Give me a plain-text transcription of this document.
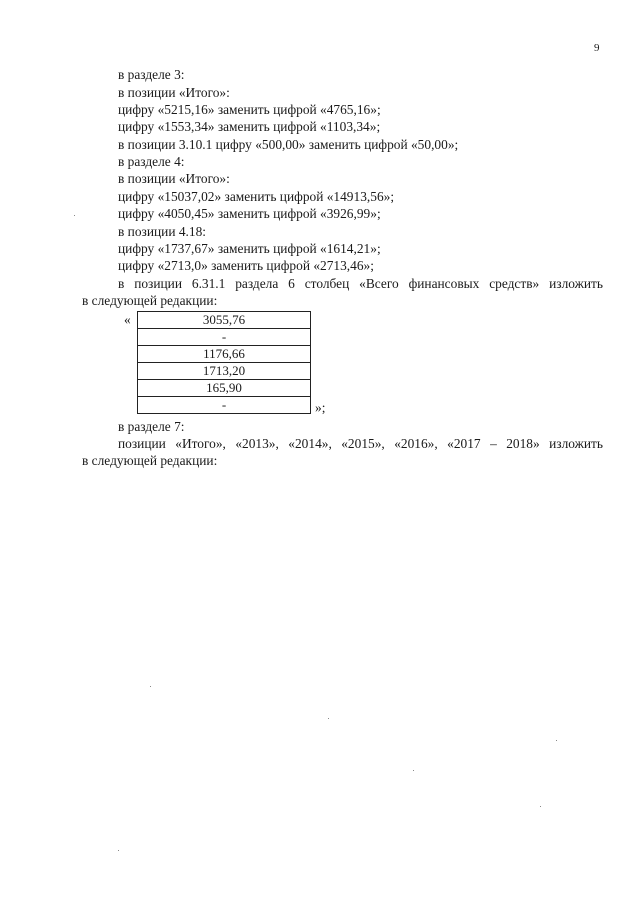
9
в разделе 3:
в позиции «Итого»:
цифру «5215,16» заменить цифрой «4765,16»;
цифру «1553,34» заменить цифрой «1103,34»;
в позиции 3.10.1 цифру «500,00» заменить цифрой «50,00»;
в разделе 4:
в позиции «Итого»:
цифру «15037,02» заменить цифрой «14913,56»;
цифру «4050,45» заменить цифрой «3926,99»;
в позиции 4.18:
цифру «1737,67» заменить цифрой «1614,21»;
цифру «2713,0» заменить цифрой «2713,46»;
в позиции 6.31.1 раздела 6 столбец «Всего финансовых средств» изложить
в следующей редакции:
«	3055,76
-
1176,66
1713,20
165,90
-	»;
в разделе 7:
позиции «Итого», «2013», «2014», «2015», «2016», «2017 – 2018» изложить
в следующей редакции:
